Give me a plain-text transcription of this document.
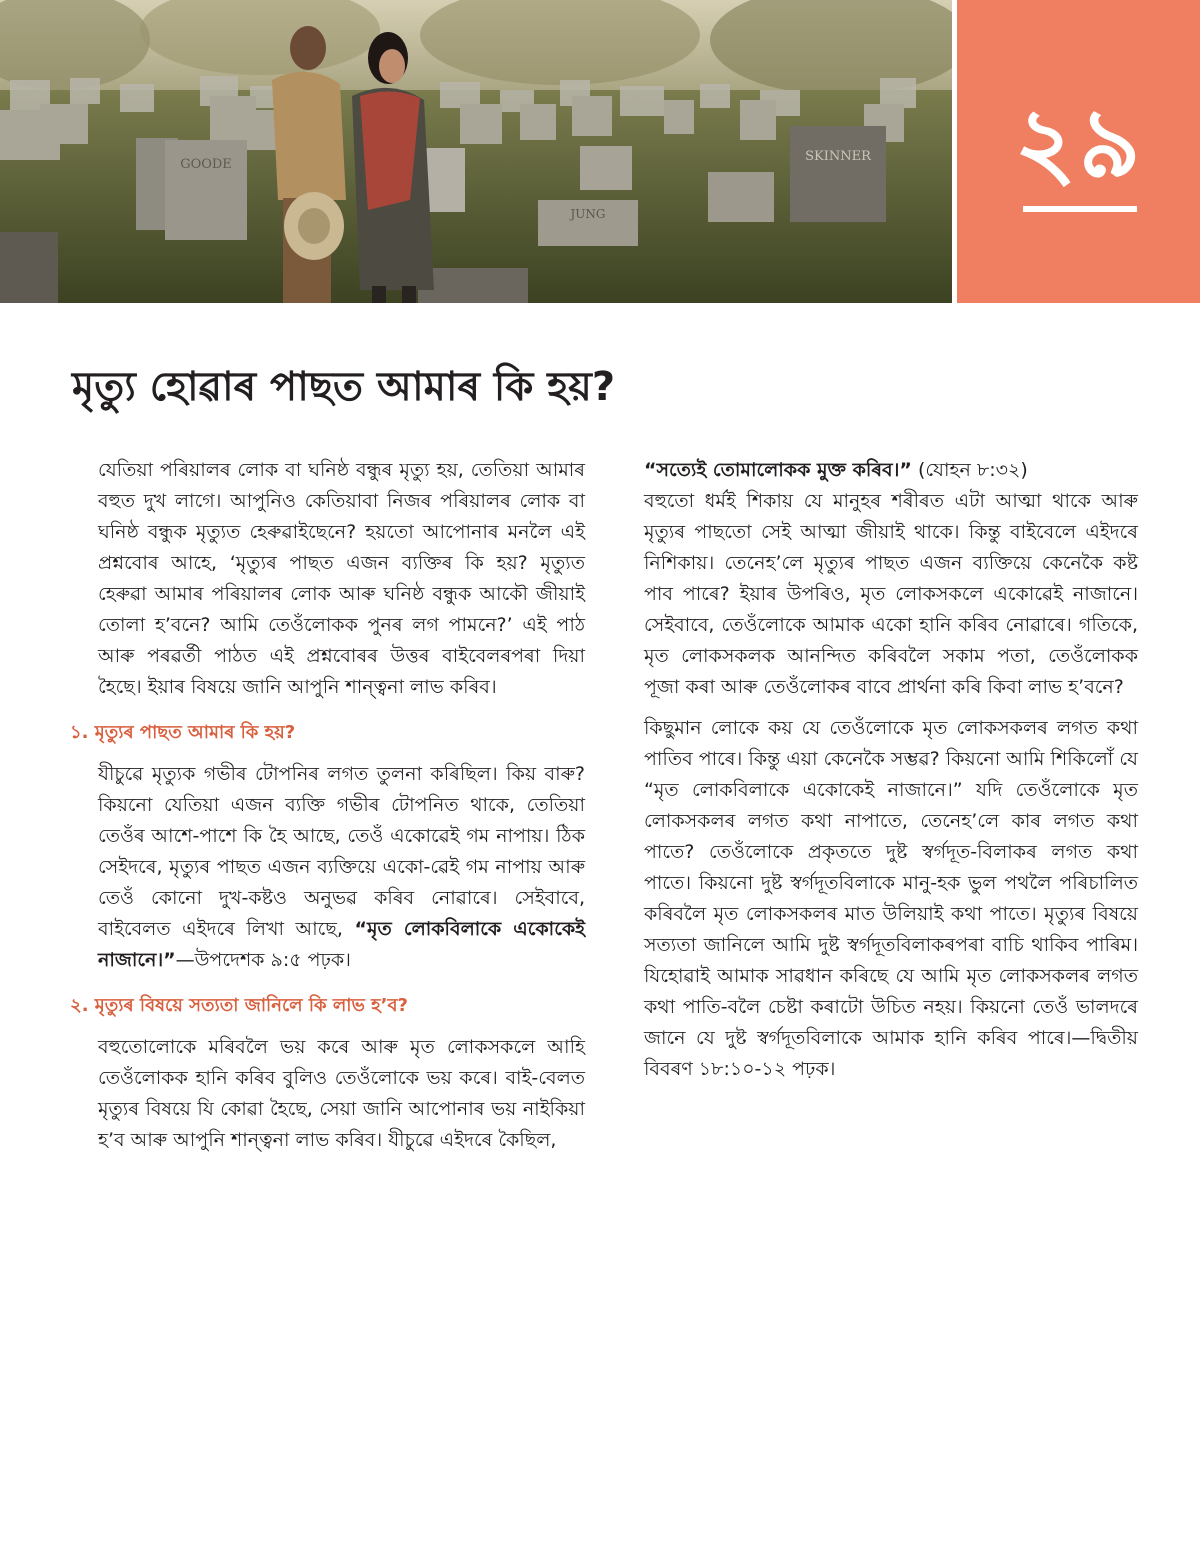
GOODE
SKINNER
JUNG
২৯
মৃত্যু হোৱাৰ পাছত আমাৰ কি হয়?

যেতিয়া পৰিয়ালৰ লোক বা ঘনিষ্ঠ বন্ধুৰ মৃত্যু হয়, তেতিয়া আমাৰ বহুত দুখ লাগে। আপুনিও কেতিয়াবা নিজৰ পৰিয়ালৰ লোক বা ঘনিষ্ঠ বন্ধুক মৃত্যুত হেৰুৱাইছেনে? হয়তো আপোনাৰ মনলৈ এই প্ৰশ্নবোৰ আহে, ‘মৃত্যুৰ পাছত এজন ব্যক্তিৰ কি হয়? মৃত্যুত হেৰুৱা আমাৰ পৰিয়ালৰ লোক আৰু ঘনিষ্ঠ বন্ধুক আকৌ জীয়াই তোলা হ’বনে? আমি তেওঁলোকক পুনৰ লগ পামনে?’ এই পাঠ আৰু পৰৱৰ্তী পাঠত এই প্ৰশ্নবোৰৰ উত্তৰ বাইবেলৰপৰা দিয়া হৈছে। ইয়াৰ বিষয়ে জানি আপুনি শান্ত্বনা লাভ কৰিব।

১. মৃত্যুৰ পাছত আমাৰ কি হয়?

যীচুৱে মৃত্যুক গভীৰ টোপনিৰ লগত তুলনা কৰিছিল। কিয় বাৰু? কিয়নো যেতিয়া এজন ব্যক্তি গভীৰ টোপনিত থাকে, তেতিয়া তেওঁৰ আশে-পাশে কি হৈ আছে, তেওঁ একোৱেই গম নাপায়। ঠিক সেইদৰে, মৃত্যুৰ পাছত এজন ব্যক্তিয়ে একো-ৱেই গম নাপায় আৰু তেওঁ কোনো দুখ-কষ্টও অনুভৱ কৰিব নোৱাৰে। সেইবাবে, বাইবেলত এইদৰে লিখা আছে, “মৃত লোকবিলাকে একোকেই নাজানে।”—উপদেশক ৯:৫ পঢ়ক।

২. মৃত্যুৰ বিষয়ে সত্যতা জানিলে কি লাভ হ’ব?

বহুতোলোকে মৰিবলৈ ভয় কৰে আৰু মৃত লোকসকলে আহি তেওঁলোকক হানি কৰিব বুলিও তেওঁলোকে ভয় কৰে। বাই-বেলত মৃত্যুৰ বিষয়ে যি কোৱা হৈছে, সেয়া জানি আপোনাৰ ভয় নাইকিয়া হ’ব আৰু আপুনি শান্ত্বনা লাভ কৰিব। যীচুৱে এইদৰে কৈছিল,

“সত্যেই তোমালোকক মুক্ত কৰিব।” (যোহন ৮:৩২)

বহুতো ধৰ্মই শিকায় যে মানুহৰ শৰীৰত এটা আত্মা থাকে আৰু মৃত্যুৰ পাছতো সেই আত্মা জীয়াই থাকে। কিন্তু বাইবেলে এইদৰে নিশিকায়। তেনেহ’লে মৃত্যুৰ পাছত এজন ব্যক্তিয়ে কেনেকৈ কষ্ট পাব পাৰে? ইয়াৰ উপৰিও, মৃত লোকসকলে একোৱেই নাজানে। সেইবাবে, তেওঁলোকে আমাক একো হানি কৰিব নোৱাৰে। গতিকে, মৃত লোকসকলক আনন্দিত কৰিবলৈ সকাম পতা, তেওঁলোকক পূজা কৰা আৰু তেওঁলোকৰ বাবে প্ৰাৰ্থনা কৰি কিবা লাভ হ’বনে?

কিছুমান লোকে কয় যে তেওঁলোকে মৃত লোকসকলৰ লগত কথা পাতিব পাৰে। কিন্তু এয়া কেনেকৈ সম্ভৱ? কিয়নো আমি শিকিলোঁ যে “মৃত লোকবিলাকে একোকেই নাজানে।” যদি তেওঁলোকে মৃত লোকসকলৰ লগত কথা নাপাতে, তেনেহ’লে কাৰ লগত কথা পাতে? তেওঁলোকে প্ৰকৃততে দুষ্ট স্বৰ্গদূত-বিলাকৰ লগত কথা পাতে। কিয়নো দুষ্ট স্বৰ্গদূতবিলাকে মানু-হক ভুল পথলৈ পৰিচালিত কৰিবলৈ মৃত লোকসকলৰ মাত উলিয়াই কথা পাতে। মৃত্যুৰ বিষয়ে সত্যতা জানিলে আমি দুষ্ট স্বৰ্গদূতবিলাকৰপৰা বাচি থাকিব পাৰিম। যিহোৱাই আমাক সাৱধান কৰিছে যে আমি মৃত লোকসকলৰ লগত কথা পাতি-বলৈ চেষ্টা কৰাটো উচিত নহয়। কিয়নো তেওঁ ভালদৰে জানে যে দুষ্ট স্বৰ্গদূতবিলাকে আমাক হানি কৰিব পাৰে।—দ্বিতীয় বিবৰণ ১৮:১০-১২ পঢ়ক।
